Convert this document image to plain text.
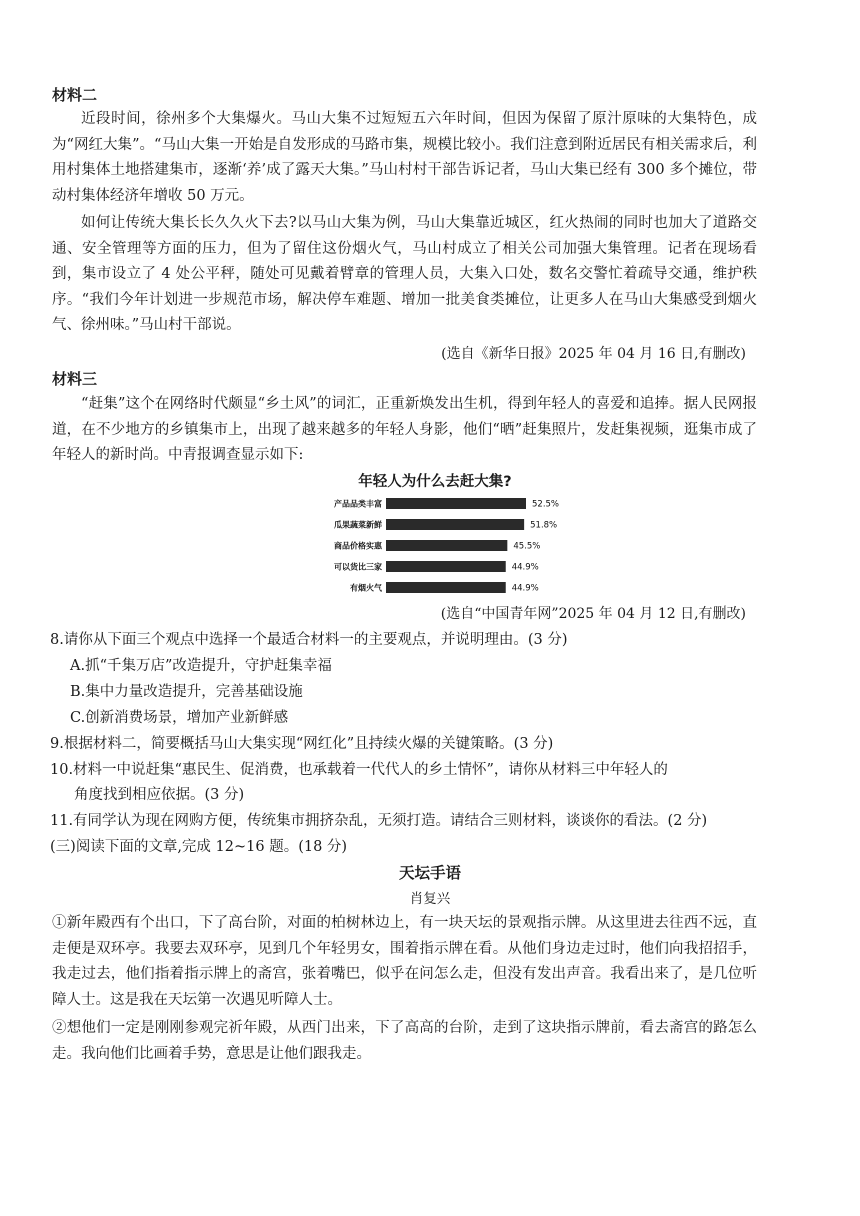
材料二

近段时间，徐州多个大集爆火。马山大集不过短短五六年时间，但因为保留了原汁原味的大集特色，成为“网红大集”。“马山大集一开始是自发形成的马路市集，规模比较小。我们注意到附近居民有相关需求后，利用村集体土地搭建集市，逐渐‘养’成了露天大集。”马山村村干部告诉记者，马山大集已经有 300 多个摊位，带动村集体经济年增收 50 万元。

如何让传统大集长长久久火下去?以马山大集为例，马山大集靠近城区，红火热闹的同时也加大了道路交通、安全管理等方面的压力，但为了留住这份烟火气，马山村成立了相关公司加强大集管理。记者在现场看到，集市设立了 4 处公平秤，随处可见戴着臂章的管理人员，大集入口处，数名交警忙着疏导交通，维护秩序。“我们今年计划进一步规范市场，解决停车难题、增加一批美食类摊位，让更多人在马山大集感受到烟火气、徐州味。”马山村干部说。

(选自《新华日报》2025 年 04 月 16 日,有删改)
材料三

“赶集”这个在网络时代颇显“乡土风”的词汇，正重新焕发出生机，得到年轻人的喜爱和追捧。据人民网报道，在不少地方的乡镇集市上，出现了越来越多的年轻人身影，他们“晒”赶集照片，发赶集视频，逛集市成了年轻人的新时尚。中青报调查显示如下:

年轻人为什么去赶大集?
产品品类丰富	52.5%
瓜果蔬菜新鲜	51.8%
商品价格实惠	45.5%
可以货比三家	44.9%
有烟火气	44.9%
(选自“中国青年网”2025 年 04 月 12 日,有删改)
8.请你从下面三个观点中选择一个最适合材料一的主要观点，并说明理由。(3 分)
A.抓“千集万店”改造提升，守护赶集幸福
B.集中力量改造提升，完善基础设施
C.创新消费场景，增加产业新鲜感
9.根据材料二，简要概括马山大集实现“网红化”且持续火爆的关键策略。(3 分)
10.材料一中说赶集“惠民生、促消费，也承载着一代代人的乡土情怀”，请你从材料三中年轻人的
角度找到相应依据。(3 分)
11.有同学认为现在网购方便，传统集市拥挤杂乱，无须打造。请结合三则材料，谈谈你的看法。(2 分)
(三)阅读下面的文章,完成 12~16 题。(18 分)
天坛手语
肖复兴

①新年殿西有个出口，下了高台阶，对面的柏树林边上，有一块天坛的景观指示牌。从这里进去往西不远，直走便是双环亭。我要去双环亭，见到几个年轻男女，围着指示牌在看。从他们身边走过时，他们向我招招手，我走过去，他们指着指示牌上的斋宫，张着嘴巴，似乎在问怎么走，但没有发出声音。我看出来了，是几位听障人士。这是我在天坛第一次遇见听障人士。

②想他们一定是刚刚参观完祈年殿，从西门出来，下了高高的台阶，走到了这块指示牌前，看去斋宫的路怎么走。我向他们比画着手势，意思是让他们跟我走。
